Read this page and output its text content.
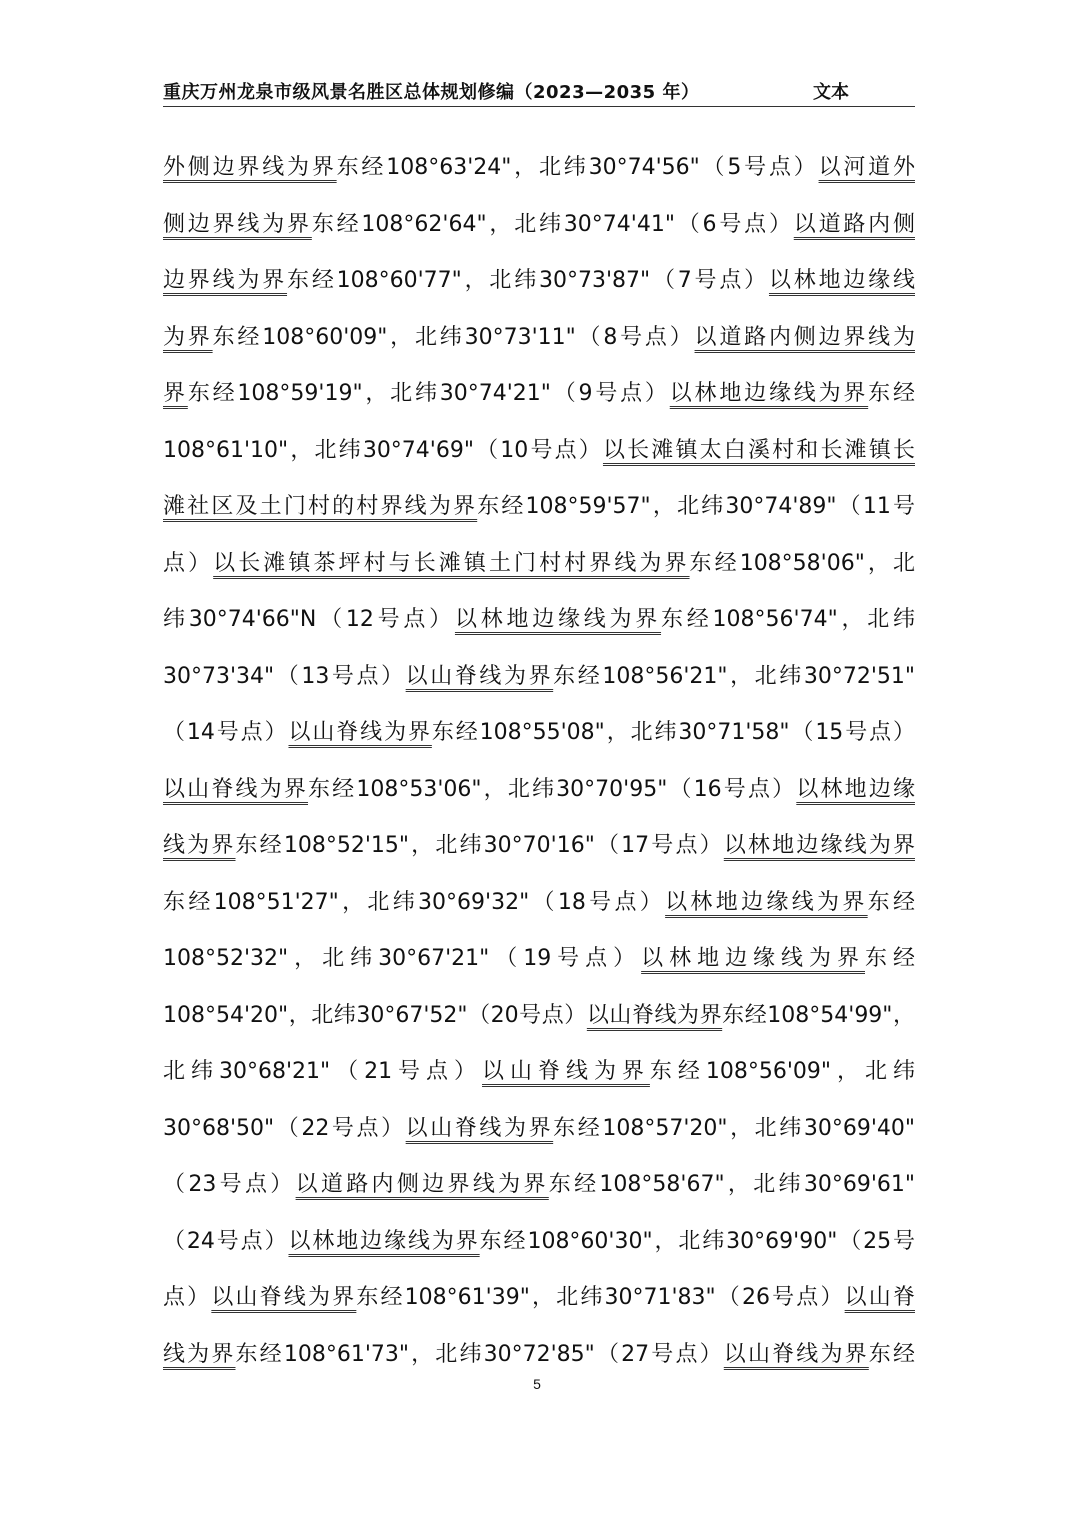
重庆万州龙泉市级风景名胜区总体规划修编（2023—2035 年）	文本
外侧边界线为界东经108°63'24"，北纬30°74'56"（5号点）以河道外
侧边界线为界东经108°62'64"，北纬30°74'41"（6号点）以道路内侧
边界线为界东经108°60'77"，北纬30°73'87"（7号点）以林地边缘线
为界东经108°60'09"，北纬30°73'11"（8号点）以道路内侧边界线为
界东经108°59'19"，北纬30°74'21"（9号点）以林地边缘线为界东经
108°61'10"，北纬30°74'69"（10号点）以长滩镇太白溪村和长滩镇长
滩社区及土门村的村界线为界东经108°59'57"，北纬30°74'89"（11号
点）以长滩镇茶坪村与长滩镇土门村村界线为界东经108°58'06"，北
纬30°74'66"N（12号点）以林地边缘线为界东经108°56'74"，北纬
30°73'34"（13号点）以山脊线为界东经108°56'21"，北纬30°72'51"
（14号点）以山脊线为界东经108°55'08"，北纬30°71'58"（15号点）
以山脊线为界东经108°53'06"，北纬30°70'95"（16号点）以林地边缘
线为界东经108°52'15"，北纬30°70'16"（17号点）以林地边缘线为界
东经108°51'27"，北纬30°69'32"（18号点）以林地边缘线为界东经
108°52'32"，北纬30°67'21"（19号点）以林地边缘线为界东经
108°54'20"，北纬30°67'52"（20号点）以山脊线为界东经108°54'99"，
北纬30°68'21"（21号点）以山脊线为界东经108°56'09"，北纬
30°68'50"（22号点）以山脊线为界东经108°57'20"，北纬30°69'40"
（23号点）以道路内侧边界线为界东经108°58'67"，北纬30°69'61"
（24号点）以林地边缘线为界东经108°60'30"，北纬30°69'90"（25号
点）以山脊线为界东经108°61'39"，北纬30°71'83"（26号点）以山脊
线为界东经108°61'73"，北纬30°72'85"（27号点）以山脊线为界东经
5
